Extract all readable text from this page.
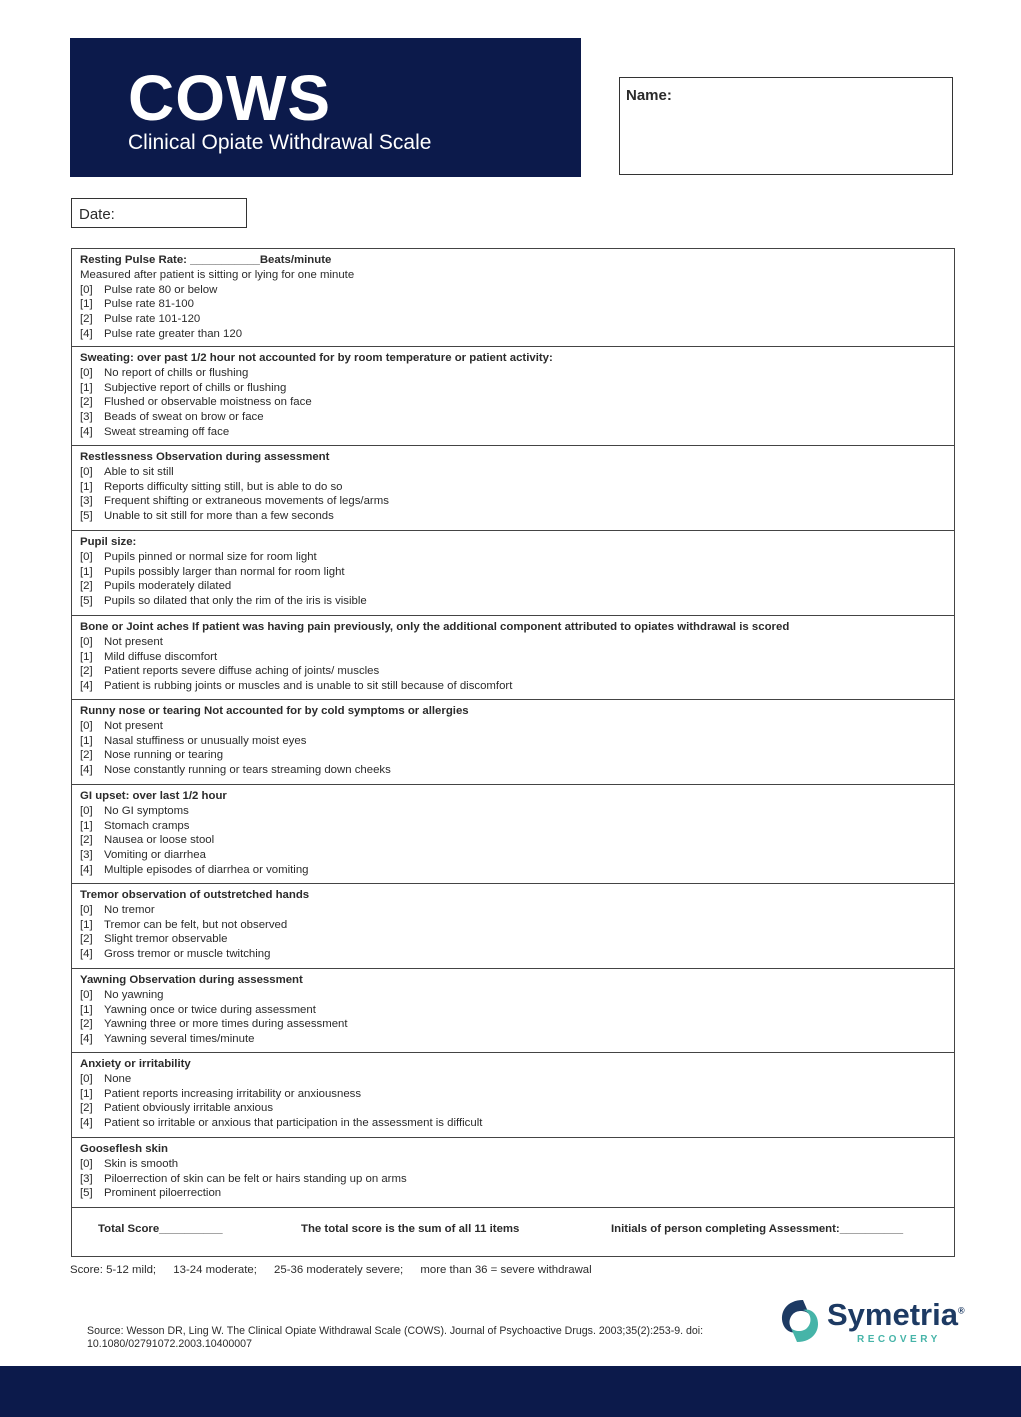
COWS
Clinical Opiate Withdrawal Scale
Name:
Date:
Resting Pulse Rate: ___________Beats/minute
Measured after patient is sitting or lying for one minute
[0] Pulse rate 80 or below
[1] Pulse rate 81-100
[2] Pulse rate 101-120
[4] Pulse rate greater than 120
Sweating: over past 1/2 hour not accounted for by room temperature or patient activity:
[0] No report of chills or flushing
[1] Subjective report of chills or flushing
[2] Flushed or observable moistness on face
[3] Beads of sweat on brow or face
[4] Sweat streaming off face
Restlessness Observation during assessment
[0] Able to sit still
[1] Reports difficulty sitting still, but is able to do so
[3] Frequent shifting or extraneous movements of legs/arms
[5] Unable to sit still for more than a few seconds
Pupil size:
[0] Pupils pinned or normal size for room light
[1] Pupils possibly larger than normal for room light
[2] Pupils moderately dilated
[5] Pupils so dilated that only the rim of the iris is visible
Bone or Joint aches If patient was having pain previously, only the additional component attributed to opiates withdrawal is scored
[0] Not present
[1] Mild diffuse discomfort
[2] Patient reports severe diffuse aching of joints/ muscles
[4] Patient is rubbing joints or muscles and is unable to sit still because of discomfort
Runny nose or tearing Not accounted for by cold symptoms or allergies
[0] Not present
[1] Nasal stuffiness or unusually moist eyes
[2] Nose running or tearing
[4] Nose constantly running or tears streaming down cheeks
GI upset: over last 1/2 hour
[0] No GI symptoms
[1] Stomach cramps
[2] Nausea or loose stool
[3] Vomiting or diarrhea
[4] Multiple episodes of diarrhea or vomiting
Tremor observation of outstretched hands
[0] No tremor
[1] Tremor can be felt, but not observed
[2] Slight tremor observable
[4] Gross tremor or muscle twitching
Yawning Observation during assessment
[0] No yawning
[1] Yawning once or twice during assessment
[2] Yawning three or more times during assessment
[4] Yawning several times/minute
Anxiety or irritability
[0] None
[1] Patient reports increasing irritability or anxiousness
[2] Patient obviously irritable anxious
[4] Patient so irritable or anxious that participation in the assessment is difficult
Gooseflesh skin
[0] Skin is smooth
[3] Piloerrection of skin can be felt or hairs standing up on arms
[5] Prominent piloerrection
Total Score__________	The total score is the sum of all 11 items	Initials of person completing Assessment:__________
Score: 5-12 mild; 13-24 moderate; 25-36 moderately severe; more than 36 = severe withdrawal
Source: Wesson DR, Ling W. The Clinical Opiate Withdrawal Scale (COWS). Journal of Psychoactive Drugs. 2003;35(2):253-9. doi: 10.1080/02791072.2003.10400007
Symetria®
RECOVERY
